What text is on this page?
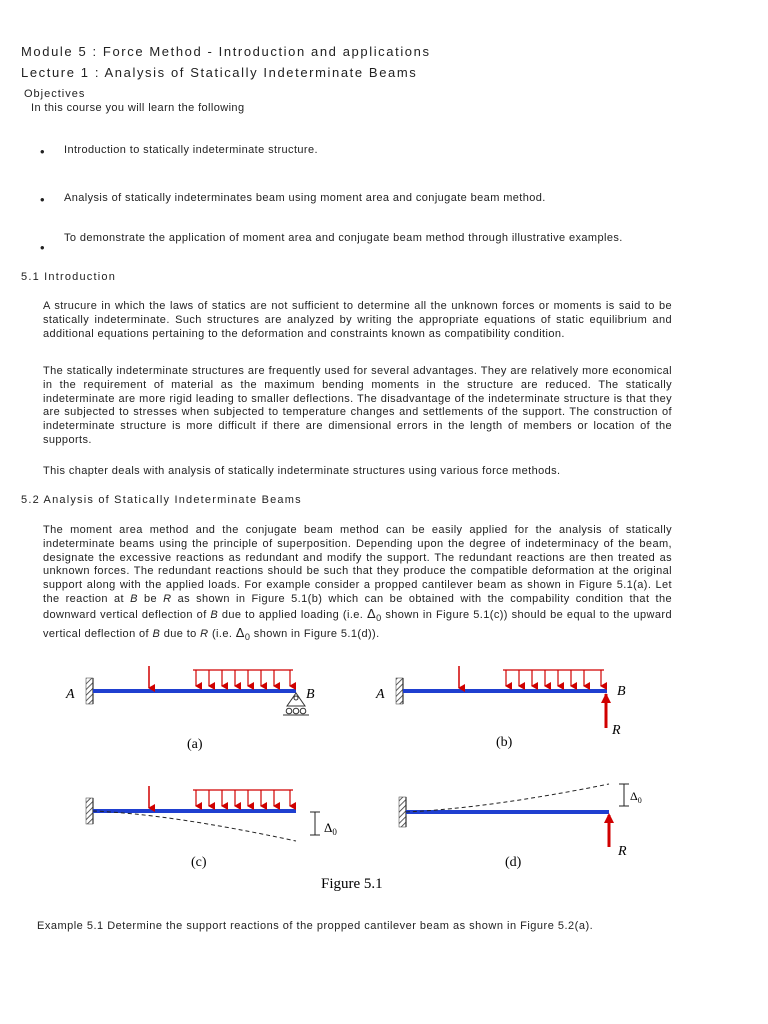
Module 5 : Force Method - Introduction and applications
Lecture 1 : Analysis of Statically Indeterminate Beams
Objectives
In this course you will learn the following
• Introduction to statically indeterminate structure.
• Analysis of statically indeterminates beam using moment area and conjugate beam method.
•
To demonstrate the application of moment area and conjugate beam method through illustrative examples.
5.1 Introduction
A strucure in which the laws of statics are not sufficient to determine all the unknown forces or moments is said to be statically indeterminate. Such structures are analyzed by writing the appropriate equations of static equilibrium and additional equations pertaining to the deformation and constraints known as compatibility condition.
The statically indeterminate structures are frequently used for several advantages. They are relatively more economical in the requirement of material as the maximum bending moments in the structure are reduced. The statically indeterminate are more rigid leading to smaller deflections. The disadvantage of the indeterminate structure is that they are subjected to stresses when subjected to temperature changes and settlements of the support. The construction of indeterminate structure is more difficult if there are dimensional errors in the length of members or location of the supports.
This chapter deals with analysis of statically indeterminate structures using various force methods.
5.2 Analysis of Statically Indeterminate Beams
The moment area method and the conjugate beam method can be easily applied for the analysis of statically indeterminate beams using the principle of superposition. Depending upon the degree of indeterminacy of the beam, designate the excessive reactions as redundant and modify the support. The redundant reactions are then treated as unknown forces. The redundant reactions should be such that they produce the compatible deformation at the original support along with the applied loads. For example consider a propped cantilever beam as shown in Figure 5.1(a). Let the reaction at B be R as shown in Figure 5.1(b) which can be obtained with the compability condition that the downward vertical deflection of B due to applied loading (i.e. $\Delta_0$ shown in Figure 5.1(c)) should be equal to the upward vertical deflection of B due to R (i.e. $\Delta_0$ shown in Figure 5.1(d)).
A	B
(a)
A	B
R
(b)
$\Delta_0$
(c)
$\Delta_0$
R
(d)
Figure 5.1
Example 5.1 Determine the support reactions of the propped cantilever beam as shown in Figure 5.2(a).
